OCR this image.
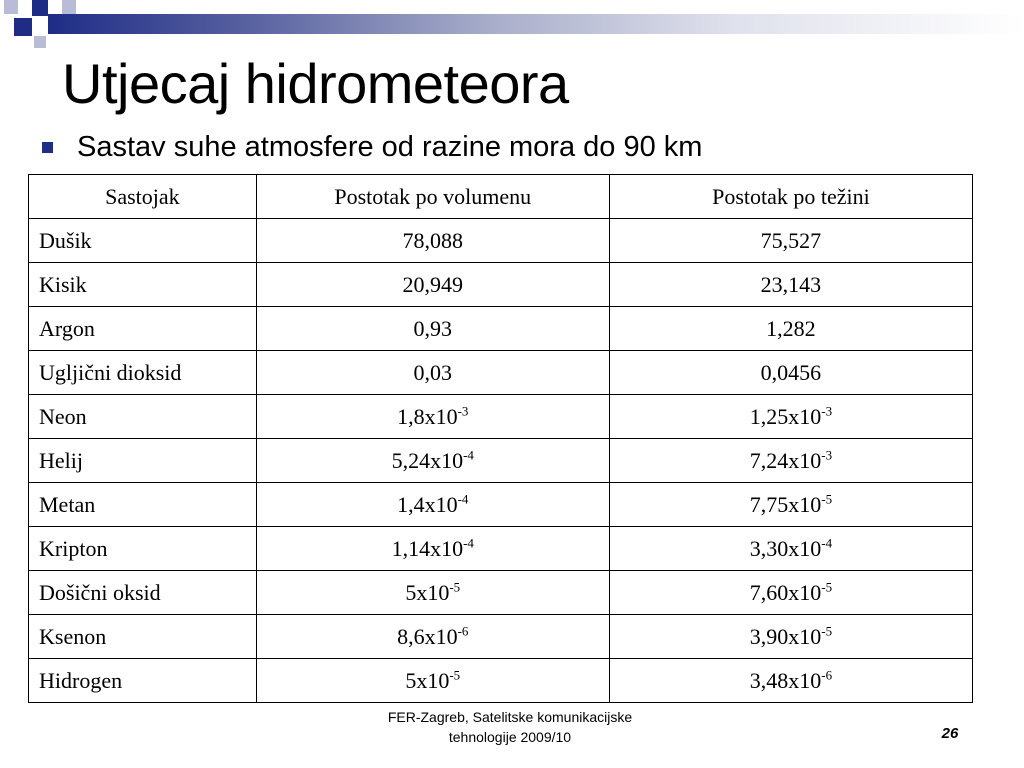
Utjecaj hidrometeora
Sastav suhe atmosfere od razine mora do 90 km
Sastojak	Postotak po volumenu	Postotak po težini
Dušik	78,088	75,527
Kisik	20,949	23,143
Argon	0,93	1,282
Ugljični dioksid	0,03	0,0456
Neon	$1,8x10^{-3}$	$1,25x10^{-3}$
Helij	$5,24x10^{-4}$	$7,24x10^{-3}$
Metan	$1,4x10^{-4}$	$7,75x10^{-5}$
Kripton	$1,14x10^{-4}$	$3,30x10^{-4}$
Došični oksid	$5x10^{-5}$	$7,60x10^{-5}$
Ksenon	$8,6x10^{-6}$	$3,90x10^{-5}$
Hidrogen	$5x10^{-5}$	$3,48x10^{-6}$
FER-Zagreb, Satelitske komunikacijske
tehnologije 2009/10	26
